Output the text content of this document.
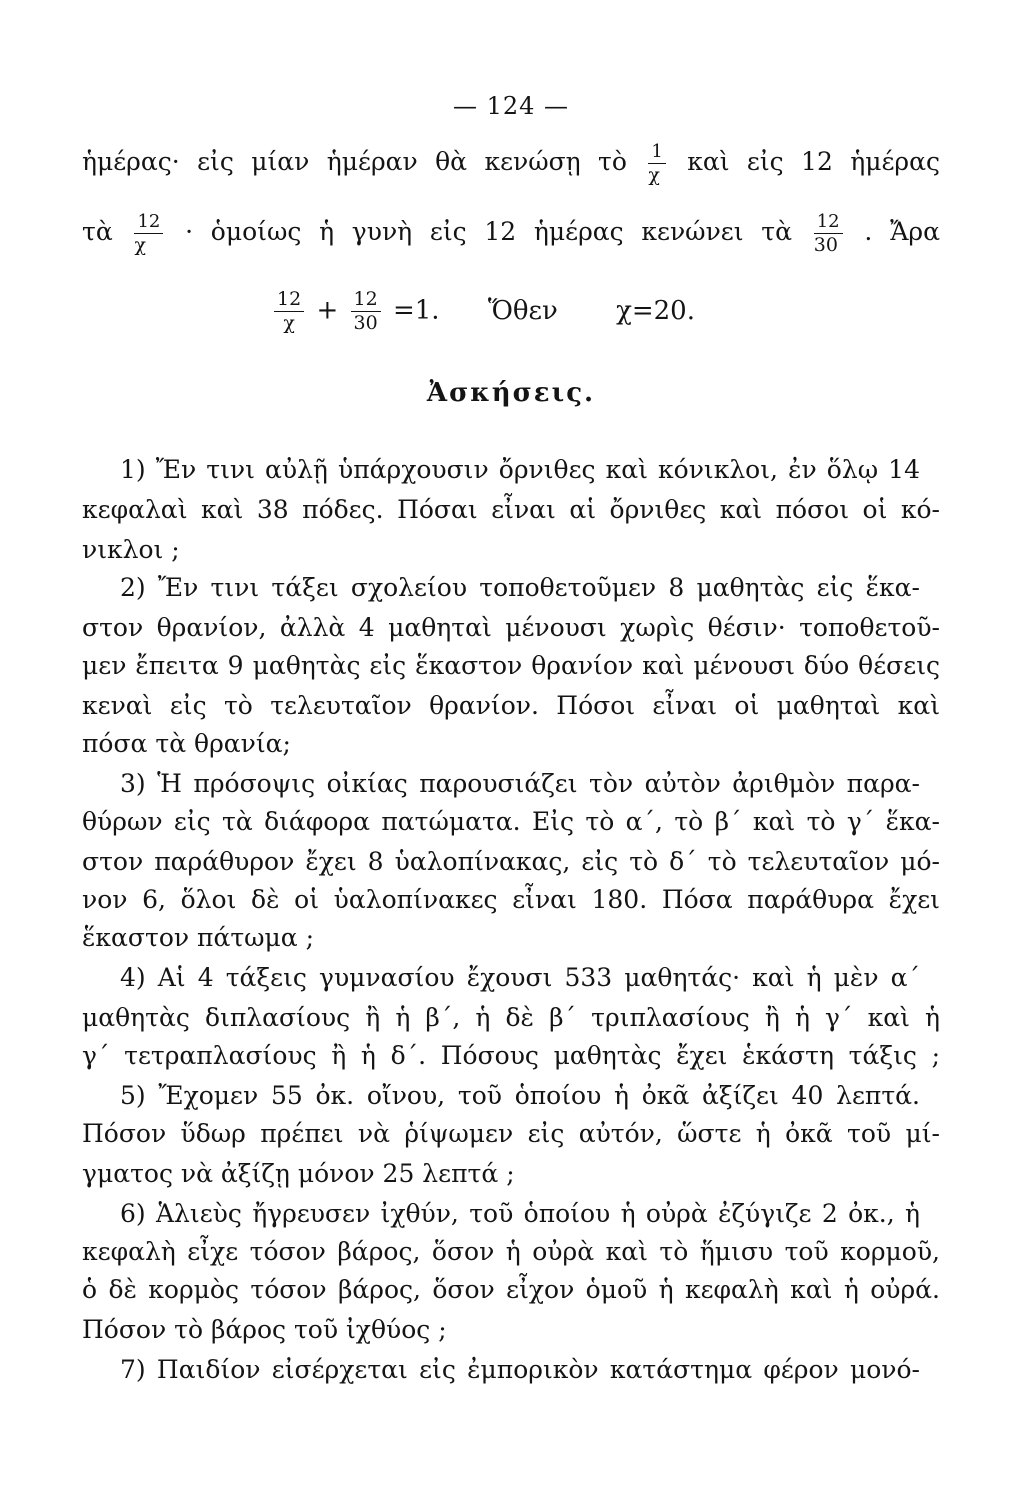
— 124 —
ἡμέρας· εἰς μίαν ἡμέραν θὰ κενώσῃ τὸ $\frac{1}{\chi}$ καὶ εἰς 12 ἡμέρας
τὰ $\frac{12}{\chi}$ · ὁμοίως ἡ γυνὴ εἰς 12 ἡμέρας κενώνει τὰ $\frac{12}{30}$ . Ἄρα
$\frac{12}{\chi} + \frac{12}{30} =1$. Ὅθεν χ=20.
Ἀσκήσεις.
1) Ἔν τινι αὐλῇ ὑπάρχουσιν ὄρνιθες καὶ κόνικλοι, ἐν ὅλῳ 14
κεφαλαὶ καὶ 38 πόδες. Πόσαι εἶναι αἱ ὄρνιθες καὶ πόσοι οἱ κό-
νικλοι ;
2) Ἔν τινι τάξει σχολείου τοποθετοῦμεν 8 μαθητὰς εἰς ἕκα-
στον θρανίον, ἀλλὰ 4 μαθηταὶ μένουσι χωρὶς θέσιν· τοποθετοῦ-
μεν ἔπειτα 9 μαθητὰς εἰς ἕκαστον θρανίον καὶ μένουσι δύο θέσεις
κεναὶ εἰς τὸ τελευταῖον θρανίον. Πόσοι εἶναι οἱ μαθηταὶ καὶ
πόσα τὰ θρανία;
3) Ἡ πρόσοψις οἰκίας παρουσιάζει τὸν αὐτὸν ἀριθμὸν παρα-
θύρων εἰς τὰ διάφορα πατώματα. Εἰς τὸ α΄, τὸ β΄ καὶ τὸ γ΄ ἕκα-
στον παράθυρον ἔχει 8 ὑαλοπίνακας, εἰς τὸ δ΄ τὸ τελευταῖον μό-
νον 6, ὅλοι δὲ οἱ ὑαλοπίνακες εἶναι 180. Πόσα παράθυρα ἔχει
ἕκαστον πάτωμα ;
4) Αἱ 4 τάξεις γυμνασίου ἔχουσι 533 μαθητάς· καὶ ἡ μὲν α΄
μαθητὰς διπλασίους ἢ ἡ β΄, ἡ δὲ β΄ τριπλασίους ἢ ἡ γ΄ καὶ ἡ
γ΄ τετραπλασίους ἢ ἡ δ΄. Πόσους μαθητὰς ἔχει ἑκάστη τάξις ;
5) Ἔχομεν 55 ὀκ. οἴνου, τοῦ ὁποίου ἡ ὀκᾶ ἀξίζει 40 λεπτά.
Πόσον ὕδωρ πρέπει νὰ ῥίψωμεν εἰς αὐτόν, ὥστε ἡ ὀκᾶ τοῦ μί-
γματος νὰ ἀξίζῃ μόνον 25 λεπτά ;
6) Ἁλιεὺς ἤγρευσεν ἰχθύν, τοῦ ὁποίου ἡ οὐρὰ ἐζύγιζε 2 ὀκ., ἡ
κεφαλὴ εἶχε τόσον βάρος, ὅσον ἡ οὐρὰ καὶ τὸ ἥμισυ τοῦ κορμοῦ,
ὁ δὲ κορμὸς τόσον βάρος, ὅσον εἶχον ὁμοῦ ἡ κεφαλὴ καὶ ἡ οὐρά.
Πόσον τὸ βάρος τοῦ ἰχθύος ;
7) Παιδίον εἰσέρχεται εἰς ἐμπορικὸν κατάστημα φέρον μονό-
